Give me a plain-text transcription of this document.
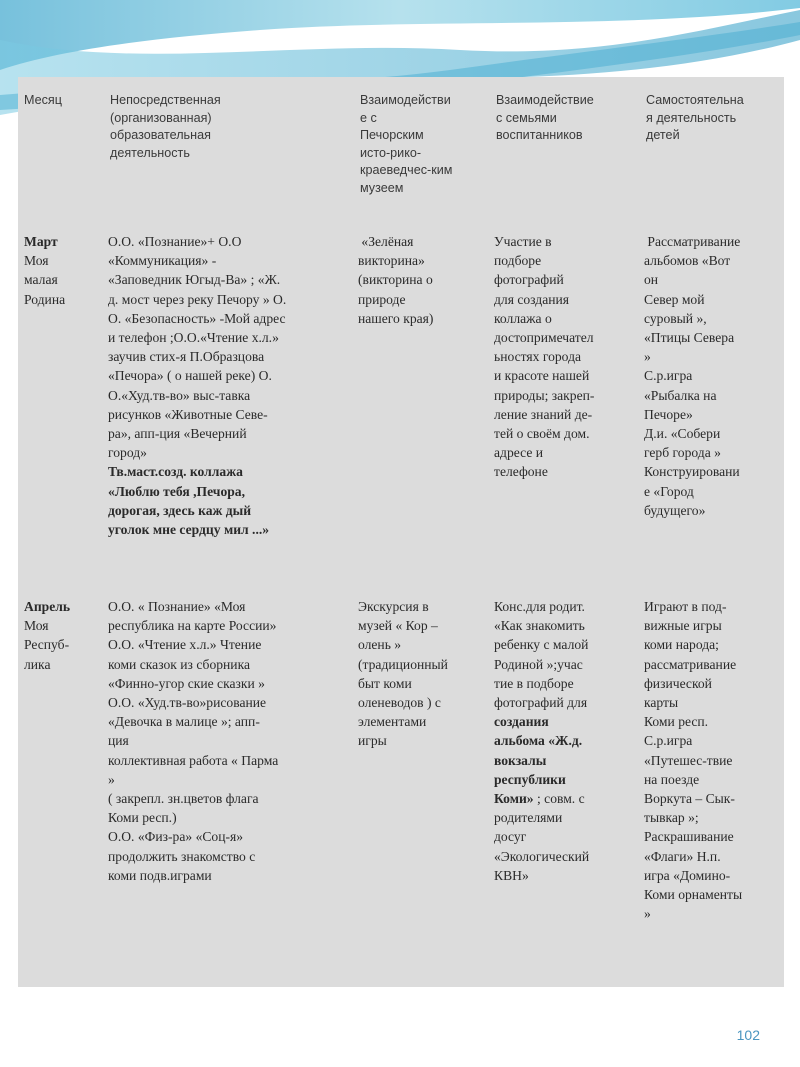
Месяц	Непосредственная
(организованная)
образовательная
деятельность
Взаимодействи
е с
Печорским
исто-рико-
краеведчес-ким
музеем
Взаимодействие
с семьями
воспитанников
Самостоятельна
я деятельность
детей
Март
Моя
малая
Родина
О.О. «Познание»+ О.О
«Коммуникация» -
«Заповедник Югыд-Ва» ; «Ж.
д. мост через реку Печору » О.
О. «Безопасность» -Мой адрес
и телефон ;О.О.«Чтение х.л.»
заучив стих-я П.Образцова
«Печора» ( о нашей реке) О.
О.«Худ.тв-во» выс-тавка
рисунков «Животные Севе-
ра», апп-ция «Вечерний
город»
Тв.маст.созд. коллажа
«Люблю тебя ,Печора,
дорогая, здесь каж дый
уголок мне сердцу мил ...»
«Зелёная
викторина»
(викторина о
природе
нашего края)
Участие в
подборе
фотографий
для создания
коллажа о
достопримечател
ьностях города
и красоте нашей
природы; закреп-
ление знаний де-
тей о своём дом.
адресе и
телефоне
Рассматривание
альбомов «Вот
он
Север мой
суровый »,
«Птицы Севера
»
С.р.игра
«Рыбалка на
Печоре»
Д.и. «Собери
герб города »
Конструировани
е «Город
будущего»
Апрель
Моя
Респуб-
лика
О.О. « Познание» «Моя
республика на карте России»
О.О. «Чтение х.л.» Чтение
коми сказок из сборника
«Финно-угор ские сказки »
О.О. «Худ.тв-во»рисование
«Девочка в малице »; апп-
ция
коллективная работа « Парма
»
( закрепл. зн.цветов флага
Коми респ.)
О.О. «Физ-ра» «Соц-я»
продолжить знакомство с
коми подв.играми
Экскурсия в
музей « Кор –
олень »
(традиционный
быт коми
оленеводов ) с
элементами
игры
Конс.для родит.
«Как знакомить
ребенку с малой
Родиной »;учас
тие в подборе
фотографий для
создания
альбома «Ж.д.
вокзалы
республики
Коми» ; совм. с
родителями
досуг
«Экологический
КВН»
Играют в под-
вижные игры
коми народа;
рассматривание
физической
карты
Коми респ.
С.р.игра
«Путешес-твие
на поезде
Воркута – Сык-
тывкар »;
Раскрашивание
«Флаги» Н.п.
игра «Домино-
Коми орнаменты
»
102
